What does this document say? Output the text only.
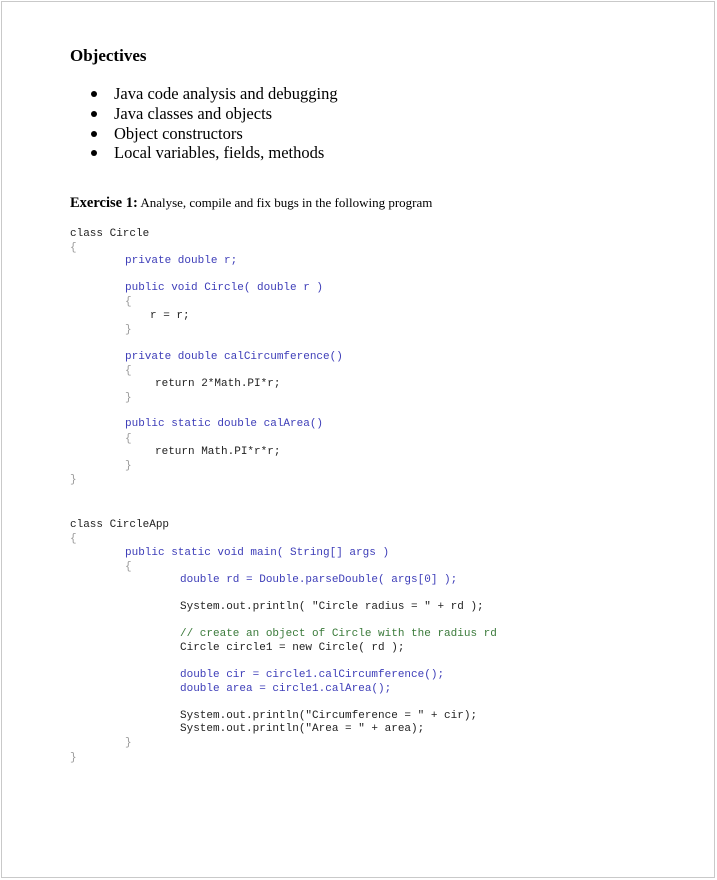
Objectives
Java code analysis and debugging
Java classes and objects
Object constructors
Local variables, fields, methods
Exercise 1: Analyse, compile and fix bugs in the following program
class Circle
{
private double r;
public void Circle( double r )
{
r = r;
}
private double calCircumference()
{
return 2*Math.PI*r;
}
public static double calArea()
{
return Math.PI*r*r;
}
}
class CircleApp
{
public static void main( String[] args )
{
double rd = Double.parseDouble( args[0] );
System.out.println( "Circle radius = " + rd );
// create an object of Circle with the radius rd
Circle circle1 = new Circle( rd );
double cir = circle1.calCircumference();
double area = circle1.calArea();
System.out.println("Circumference = " + cir);
System.out.println("Area = " + area);
}
}
